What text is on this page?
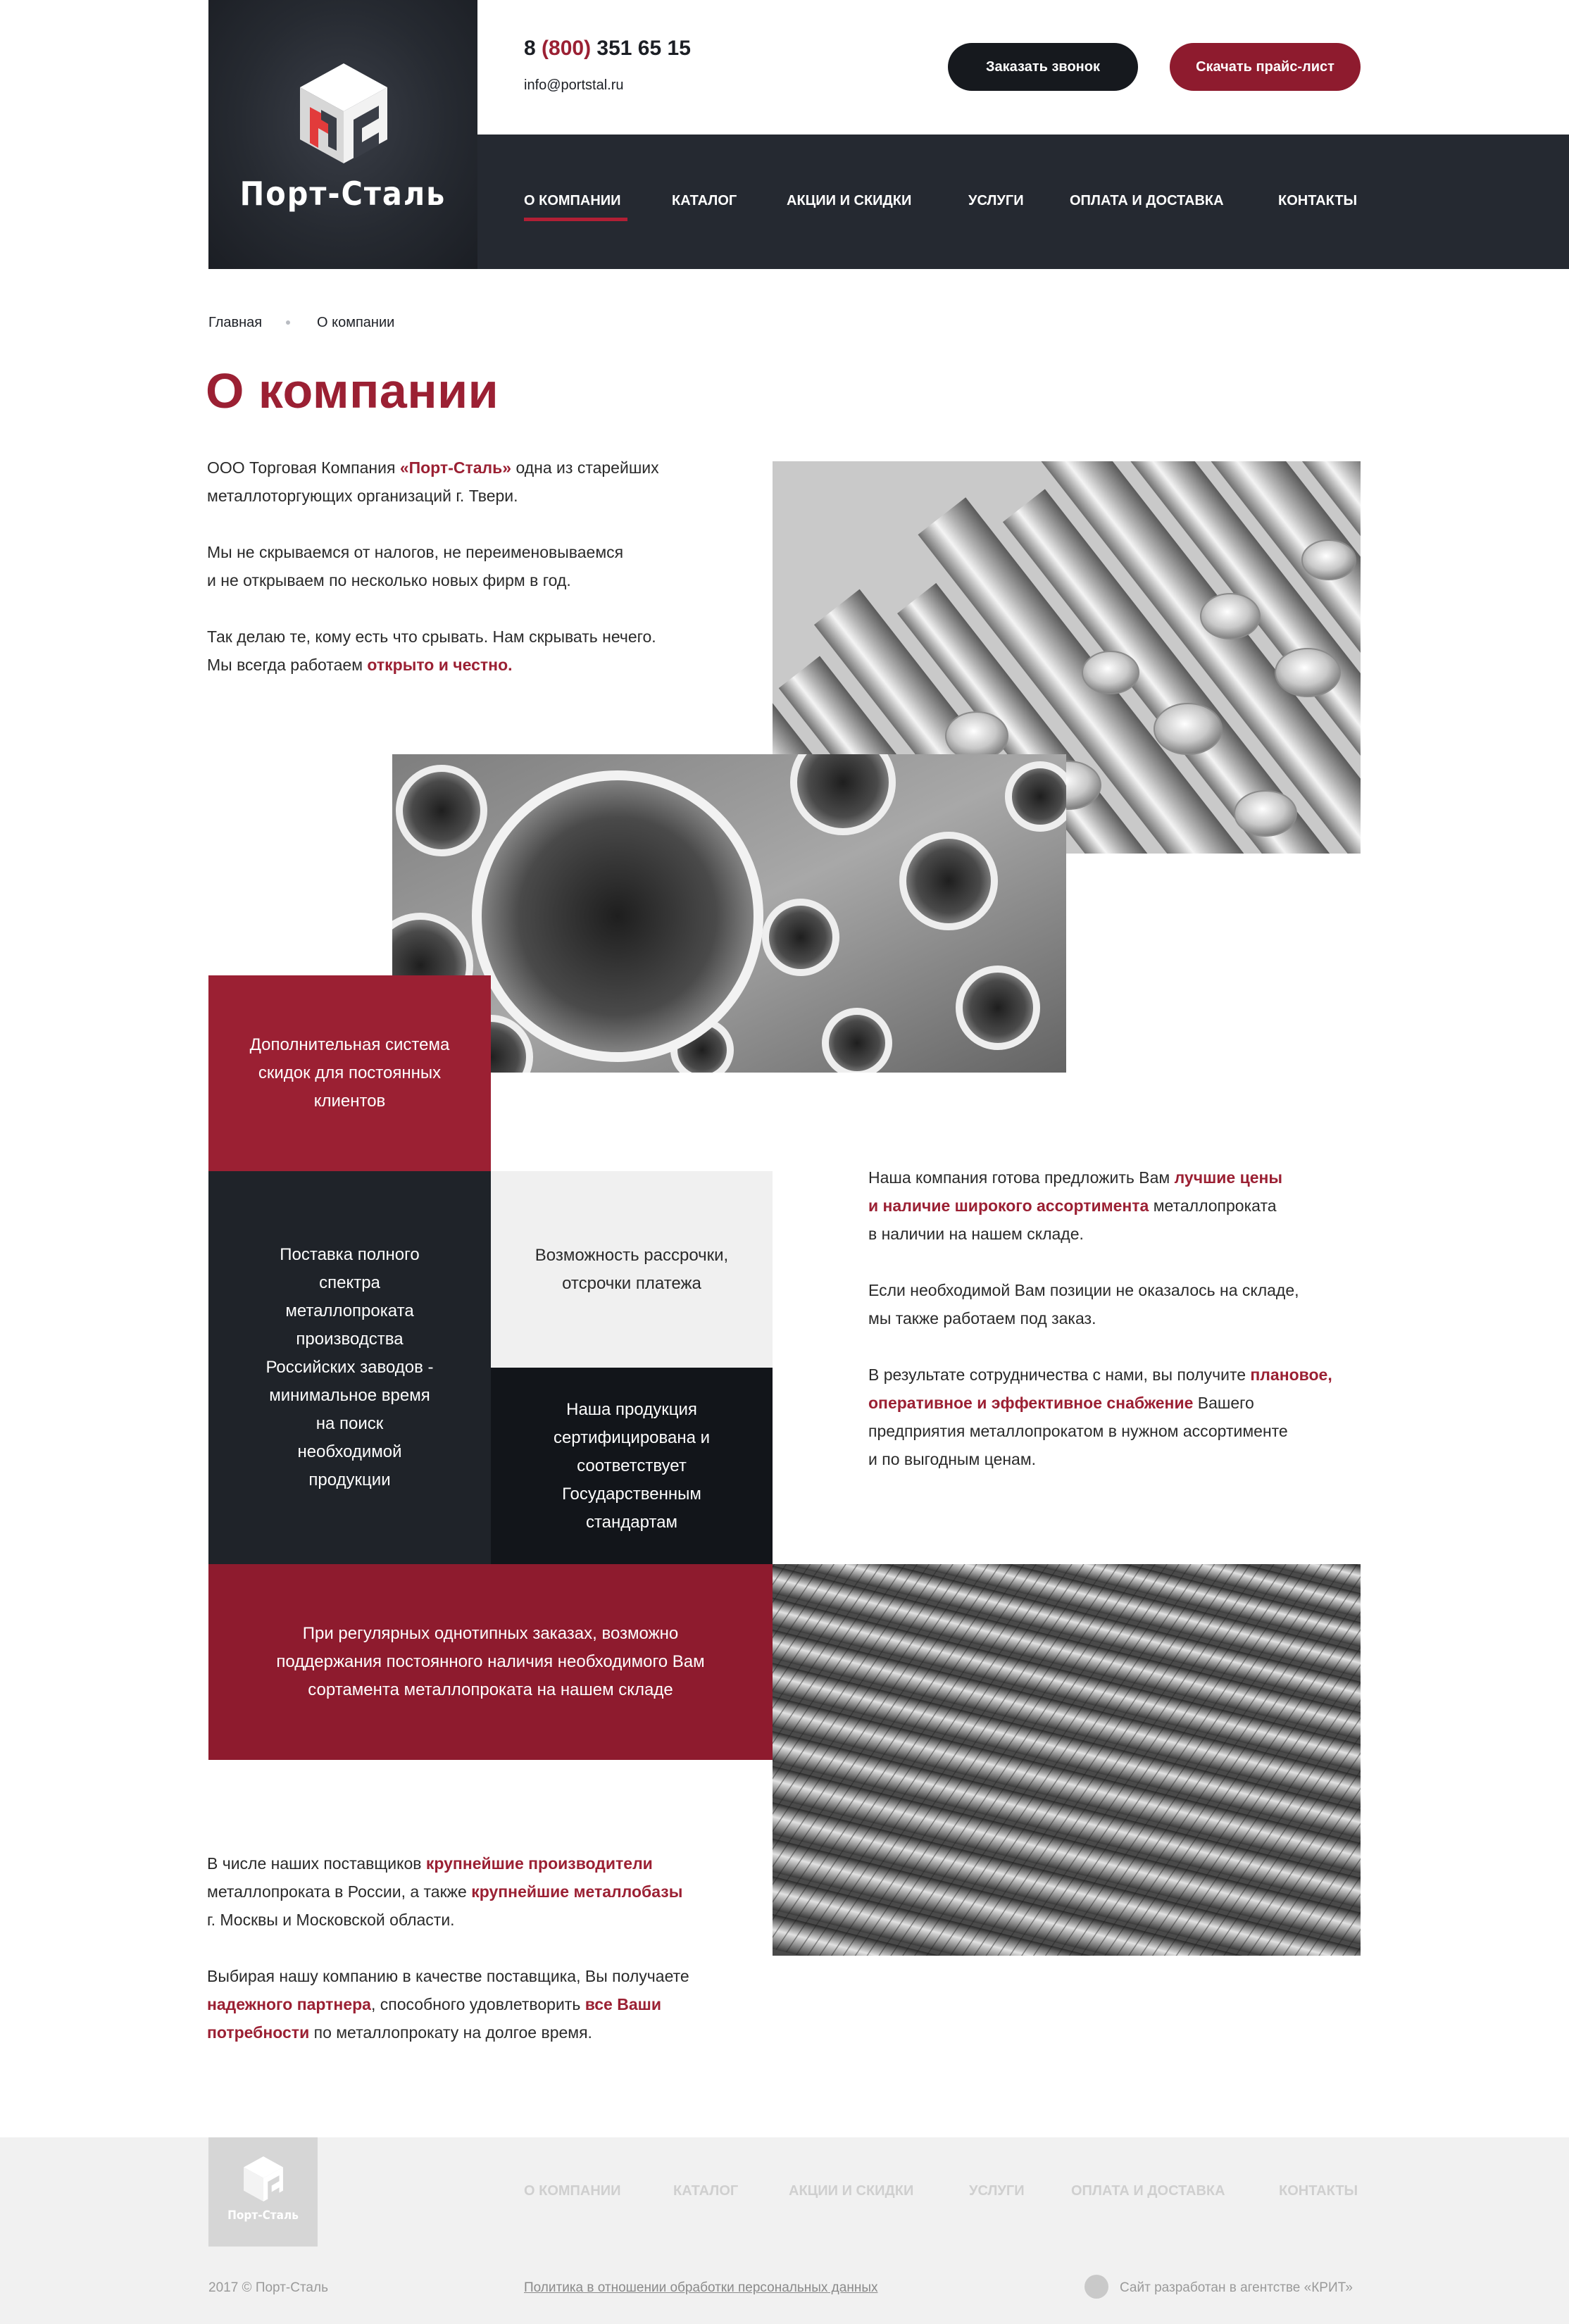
Порт-Сталь
8 (800) 351 65 15
info@portstal.ru
Заказать звонок	Скачать прайс-лист
О КОМПАНИИ	КАТАЛОГ	АКЦИИ И СКИДКИ	УСЛУГИ	ОПЛАТА И ДОСТАВКА	КОНТАКТЫ
Главная	О компании
О компании
ООО Торговая Компания «Порт-Сталь» одна из старейших
металлоторгующих организаций г. Твери.
Мы не скрываемся от налогов, не переименовываемся
и не открываем по несколько новых фирм в год.
Так делаю те, кому есть что срывать. Нам скрывать нечего.
Мы всегда работаем открыто и честно.
Дополнительная система скидок для постоянных клиентов
Поставка полного спектра металлопроката производства Российских заводов - минимальное время на поиск необходимой продукции
Возможность рассрочки, отсрочки платежа
Наша продукция сертифицирована и соответствует Государственным стандартам
При регулярных однотипных заказах, возможно поддержания постоянного наличия необходимого Вам сортамента металлопроката на нашем складе
Наша компания готова предложить Вам лучшие цены
и наличие широкого ассортимента металлопроката
в наличии на нашем складе.
Если необходимой Вам позиции не оказалось на складе,
мы также работаем под заказ.
В результате сотрудничества с нами, вы получите плановое,
оперативное и эффективное снабжение Вашего
предприятия металлопрокатом в нужном ассортименте
и по выгодным ценам.
В числе наших поставщиков крупнейшие производители
металлопроката в России, а также крупнейшие металлобазы
г. Москвы и Московской области.
Выбирая нашу компанию в качестве поставщика, Вы получаете
надежного партнера, способного удовлетворить все Ваши
потребности по металлопрокату на долгое время.
Порт-Сталь
О КОМПАНИИ	КАТАЛОГ	АКЦИИ И СКИДКИ	УСЛУГИ	ОПЛАТА И ДОСТАВКА	КОНТАКТЫ
2017 © Порт-Сталь	Политика в отношении обработки персональных данных	Сайт разработан в агентстве «КРИТ»
